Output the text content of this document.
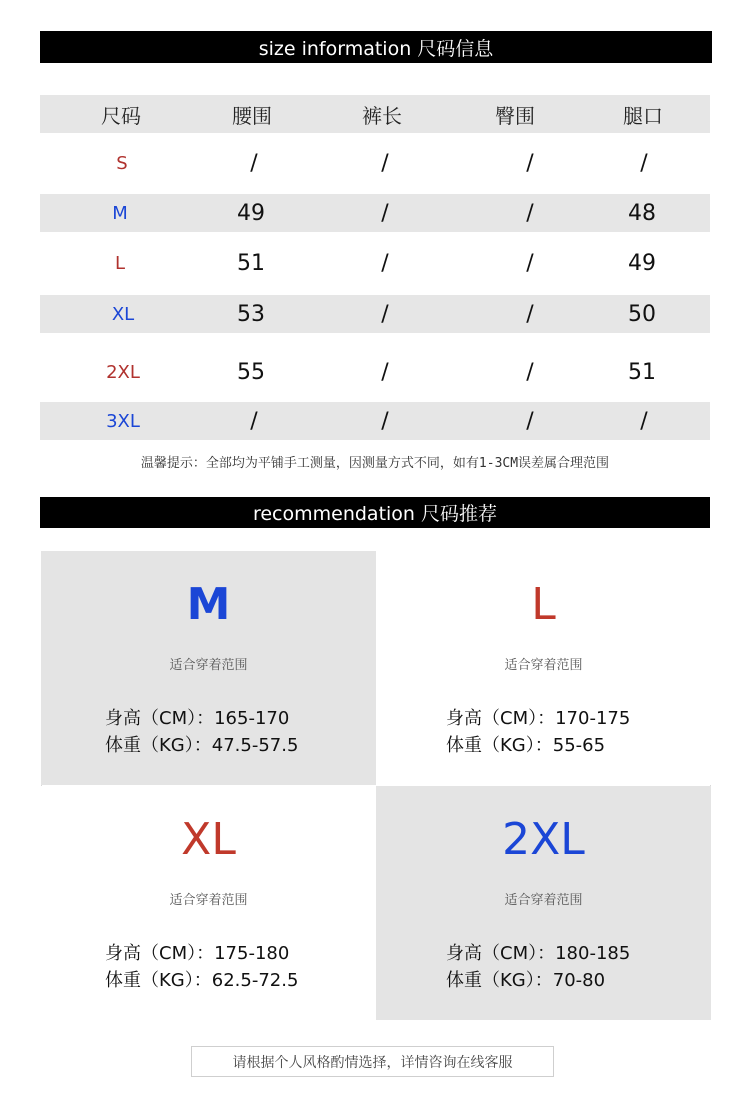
size information 尺码信息
尺码	腰围	裤长	臀围	腿口
S	/	/	/	/
M	49	/	/	48
L	51	/	/	49
XL	53	/	/	50
2XL	55	/	/	51
3XL	/	/	/	/
温馨提示：全部均为平铺手工测量，因测量方式不同，如有1-3CM误差属合理范围
recommendation 尺码推荐
M
适合穿着范围
身高（CM）：165-170
体重（KG）：47.5-57.5
L
适合穿着范围
身高（CM）：170-175
体重（KG）：55-65
XL
适合穿着范围
身高（CM）：175-180
体重（KG）：62.5-72.5
2XL
适合穿着范围
身高（CM）：180-185
体重（KG）：70-80
请根据个人风格酌情选择，详情咨询在线客服
